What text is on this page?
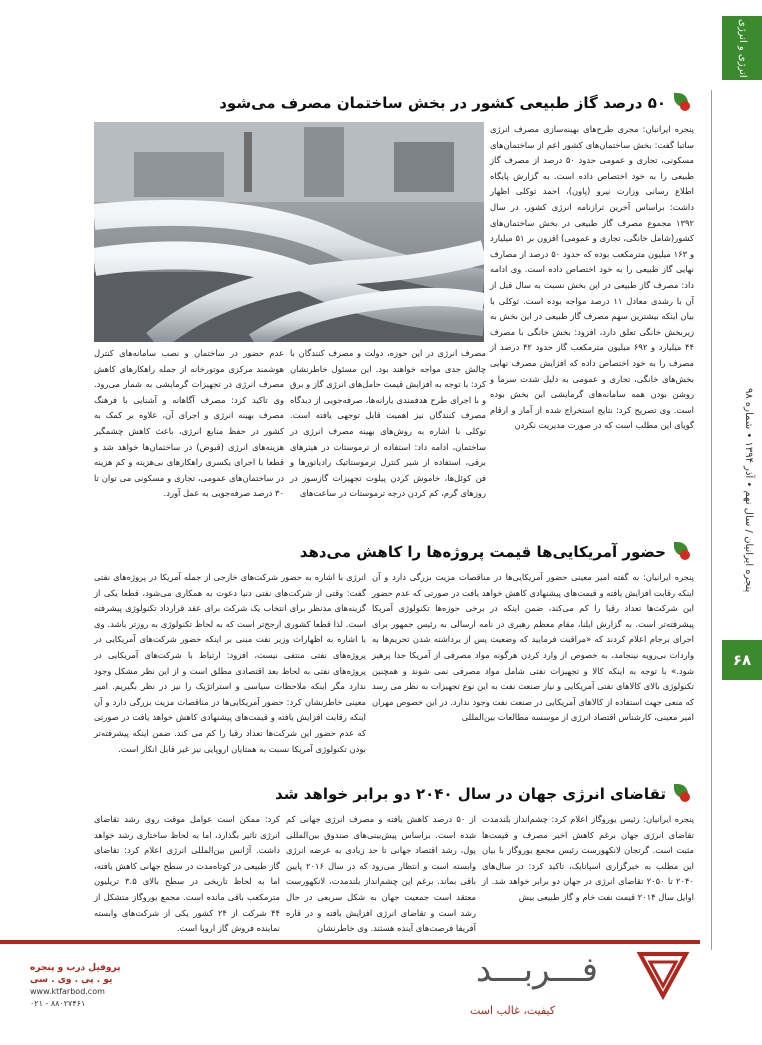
انرژی و انرژی
پنجره ایرانیان / سال نهم • آذر ۱۳۹۴ • شماره ۹۸
۶۸
۵۰ درصد گاز طبیعی کشور در بخش ساختمان مصرف می‌شود

پنجره ایرانیان: مجری طرح‌های بهینه‌سازی مصرف انرژی ساتبا گفت: بخش ساختمان‌های کشور اعم از ساختمان‌های مسکونی، تجاری و عمومی حدود ۵۰ درصد از مصرف گاز طبیعی را به خود اختصاص داده است. به گزارش پایگاه اطلاع رسانی وزارت نیرو (پاون)، احمد توکلی اظهار داشت: براساس آخرین ترازنامه انرژی کشور، در سال ۱۳۹۲ مجموع مصرف گاز طبیعی در بخش ساختمان‌های کشور(شامل خانگی، تجاری و عمومی) افزون بر ۵۱ میلیارد و ۱۶۳ میلیون مترمکعب بوده که حدود ۵۰ درصد از مصارف نهایی گاز طبیعی را به خود اختصاص داده است. وی ادامه داد: مصرف گاز طبیعی در این بخش نسبت به سال قبل از آن با رشدی معادل ۱۱ درصد مواجه بوده است. توکلی با بیان اینکه بیشترین سهم مصرف گاز طبیعی در این بخش به زیربخش خانگی تعلق دارد، افزود: بخش خانگی با مصرف ۴۴ میلیارد و ۶۹۲ میلیون مترمکعب گاز حدود ۴۲ درصد از مصرف را به خود اختصاص داده که افزایش مصرف نهایی بخش‌های خانگی، تجاری و عمومی به دلیل شدت سرما و روشن بودن همه سامانه‌های گرمایشی این بخش بوده است. وی تصریح کرد: نتایج استخراج شده از آمار و ارقام گویای این مطلب است که در صورت مدیریت نکردن

مصرف انرژی در این حوزه، دولت و مصرف کنندگان با چالش جدی مواجه خواهند بود. این مسئول خاطرنشان کرد: با توجه به افزایش قیمت حامل‌های انرژی گاز و برق و با اجرای طرح هدفمندی یارانه‌ها، صرفه‌جویی از دیدگاه مصرف کنندگان نیز اهمیت قابل توجهی یافته است. توکلی با اشاره به روش‌های بهینه مصرف انرژی در ساختمان، ادامه داد: استفاده از ترموستات در هیترهای برقی، استفاده از شیر کنترل ترموستاتیک رادیاتورها و فن کوئل‌ها، خاموش کردن پیلوت تجهیزات گازسوز در روزهای گرم، کم کردن درجه ترموستات در ساعت‌های

عدم حضور در ساختمان و نصب سامانه‌های کنترل هوشمند مرکزی موتورخانه از جمله راهکارهای کاهش مصرف انرژی در تجهیزات گرمایشی به شمار می‌رود. وی تاکید کرد: مصرف آگاهانه و آشنایی با فرهنگ مصرف بهینه انرژی و اجرای آن، علاوه بر کمک به کشور در حفظ منابع انرژی، باعث کاهش چشمگیر هزینه‌های انرژی (قبوض) در ساختمان‌ها خواهد شد و قطعا با اجرای یکسری راهکارهای بی‌هزینه و کم هزینه در ساختمان‌های عمومی، تجاری و مسکونی می توان تا ۳۰ درصد صرفه‌جویی به عمل آورد.

حضور آمریکایی‌ها قیمت پروژه‌ها را کاهش می‌دهد

پنجره ایرانیان: به گفته امیر معینی حضور آمریکایی‌ها در مناقصات مزیت بزرگی دارد و آن اینکه رقابت افزایش یافته و قیمت‌های پیشنهادی کاهش خواهد یافت در صورتی که عدم حضور این شرکت‌ها تعداد رقبا را کم می‌کند، ضمن اینکه در برخی حوزه‌ها تکنولوژی آمریکا پیشرفته‌تر است. به گزارش ایلنا، مقام معظم رهبری در نامه ارسالی به رئیس جمهور برای اجرای برجام اعلام کردند که «مراقبت فرمایید که وضعیت پس از برداشته شدن تحریم‌ها به واردات بی‌رویه نینجامد، به خصوص از وارد کردن هرگونه مواد مصرفی از آمریکا جدا پرهیز شود.» با توجه به اینکه کالا و تجهیزات نفتی شامل مواد مصرفی نمی شوند و همچنین تکنولوژی بالای کالاهای نفتی آمریکایی و نیاز صنعت نفت به این نوع تجهیزات به نظر می رسد که منعی جهت استفاده از کالاهای آمریکایی در صنعت نفت وجود ندارد. در این خصوص مهران امیر معینی، کارشناس اقتصاد انرژی از موسسه مطالعات بین‌المللی

انرژی با اشاره به حضور شرکت‌های خارجی از جمله آمریکا در پروژه‌های نفتی گفت: وقتی از شرکت‌های نفتی دنیا دعوت به همکاری می‌شود، قطعا یکی از گزینه‌های مدنظر برای انتخاب یک شرکت برای عقد قرارداد تکنولوژی پیشرفته است. لذا قطعا کشوری ارجح‌تر است که به لحاظ تکنولوژی به روزتر باشد. وی با اشاره به اظهارات وزیر نفت مبنی بر اینکه حضور شرکت‌های آمریکایی در پروژه‌های نفتی منتفی نیست، افزود: ارتباط با شرکت‌های آمریکایی در پروژه‌های نفتی به لحاظ بعد اقتصادی مطلق است و از این نظر مشکل وجود ندارد مگر اینکه ملاحظات سیاسی و استراتژیک را نیز در نظر بگیریم. امیر معینی خاطرنشان کرد: حضور آمریکایی‌ها در مناقصات مزیت بزرگی دارد و آن اینکه رقابت افزایش یافته و قیمت‌های پیشنهادی کاهش خواهد یافت در صورتی که عدم حضور این شرکت‌ها تعداد رقبا را کم می کند. ضمن اینکه پیشرفته‌تر بودن تکنولوژی آمریکا نسبت به همتایان اروپایی نیز غیر قابل انکار است.

تقاضای انرژی جهان در سال ۲۰۴۰ دو برابر خواهد شد

پنجره ایرانیان: رئیس یوروگاز اعلام کرد: چشم‌انداز بلندمدت تقاضای انرژی جهان برغم کاهش اخیر مصرف و قیمت‌ها مثبت است. گرتجان لانکهورست رئیس مجمع یوروگاز با بیان این مطلب به خبرگزاری اسپانایک، تاکید کرد: در سال‌های ۲۰۴۰ تا ۲۰۵۰ تقاضای انرژی در جهان دو برابر خواهد شد. از اوایل سال ۲۰۱۴ قیمت نفت خام و گاز طبیعی بیش

از ۵۰ درصد کاهش یافته و مصرف انرژی جهانی کم شده است. براساس پیش‌بینی‌های صندوق بین‌المللی پول، رشد اقتصاد جهانی تا حد زیادی به عرضه انرژی وابسته است و انتظار می‌رود که در سال ۲۰۱۶ پایین باقی بماند. برغم این چشم‌انداز بلندمدت، لانکهورست معتقد است جمعیت جهان به شکل سریعی در حال رشد است و تقاضای انرژی افزایش یافته و در قاره آفریقا فرصت‌های آینده هستند. وی خاطرنشان

کرد: ممکن است عوامل موقت روی رشد تقاضای انرژی تاثیر بگذارد، اما به لحاظ ساختاری رشد خواهد داشت. آژانس بین‌المللی انرژی اعلام کرد: تقاضای گاز طبیعی در کوتاه‌مدت در سطح جهانی کاهش یافته، اما به لحاظ تاریخی در سطح بالای ۳.۵ تریلیون مترمکعب باقی مانده است. مجمع یوروگاز متشکل از ۴۴ شرکت از ۲۴ کشور یکی از شرکت‌های وابسته نماینده فروش گاز اروپا است.

فـــربـــد
کیفیت، غالب است
پروفیل درب و پنجره
یو . پی . وی . سی
www.ktfarbod.com
۰۲۱ - ۸۸۰۲۷۴۶۱
